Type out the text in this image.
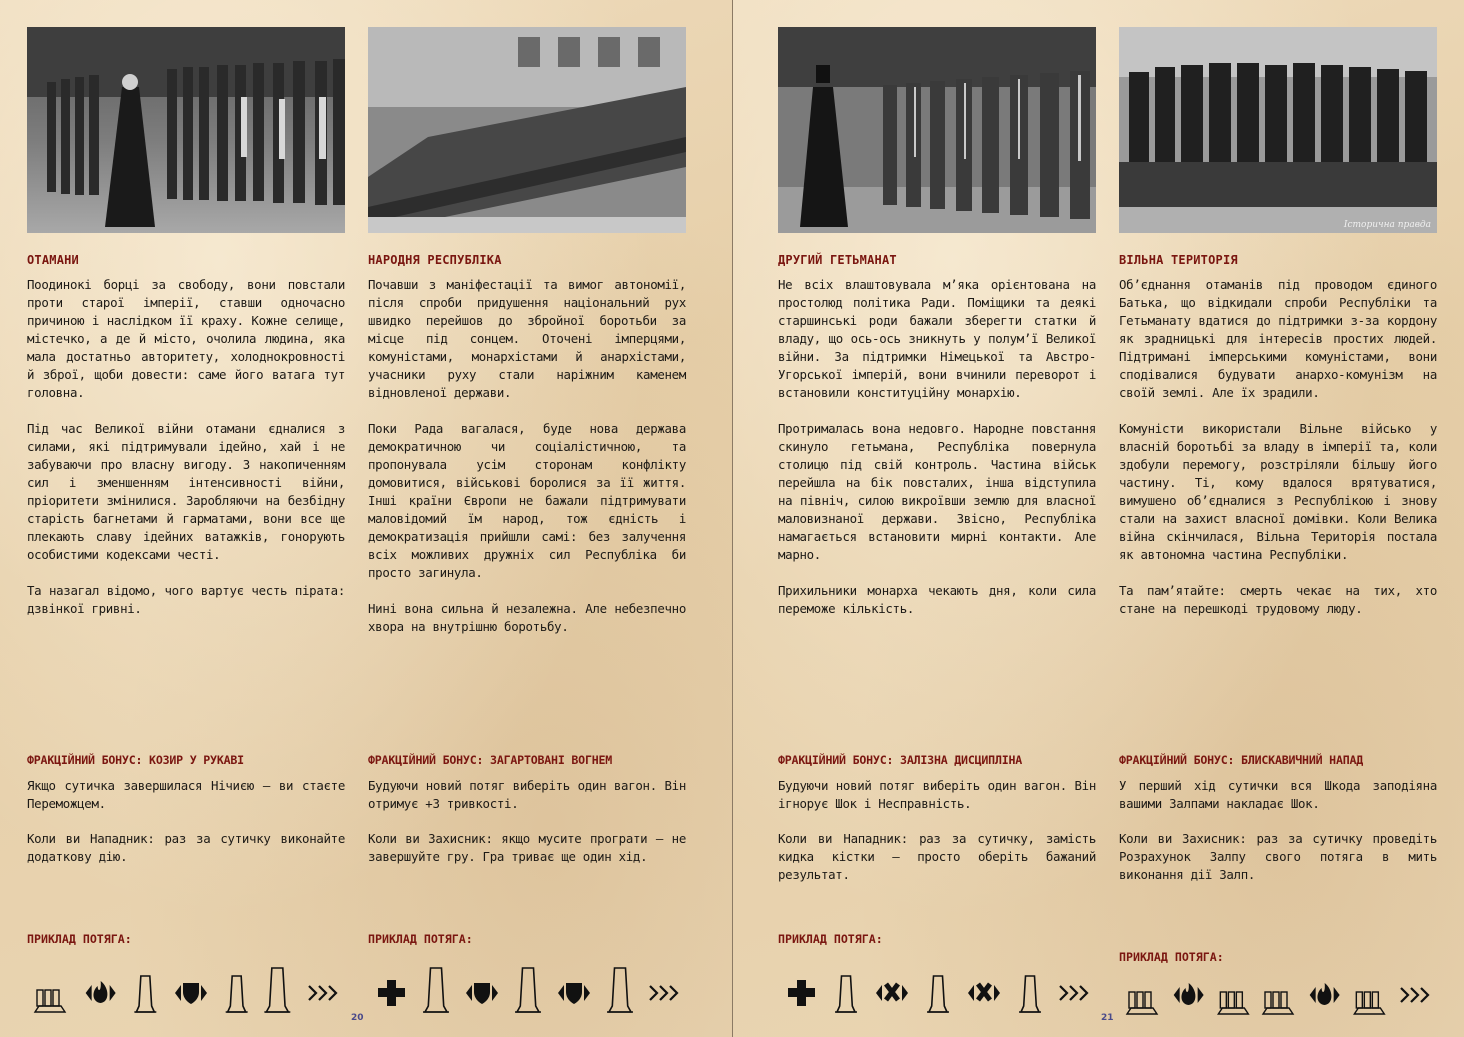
ОТАМАНИ

Поодинокі борці за свободу, вони повстали проти старої імперії, ставши одночасно причиною і наслідком її краху. Кожне селище, містечко, а де й місто, очолила людина, яка мала достатньо авторитету, холоднокровності й зброї, щоби довести: саме його ватага тут головна.

Під час Великої війни отамани єдналися з силами, які підтримували ідейно, хай і не забуваючи про власну вигоду. З накопиченням сил і зменшенням інтенсивності війни, пріоритети змінилися. Заробляючи на безбідну старість багнетами й гарматами, вони все ще плекають славу ідейних ватажків, гонорують особистими кодексами честі.

Та назагал відомо, чого вартує честь пірата: дзвінкої гривні.

ФРАКЦІЙНИЙ БОНУС: КОЗИР У РУКАВІ

Якщо сутичка завершилася Нічиєю – ви стаєте Переможцем.

Коли ви Нападник: раз за сутичку виконайте додаткову дію.

ПРИКЛАД ПОТЯГА:
НАРОДНЯ РЕСПУБЛІКА

Почавши з маніфестації та вимог автономії, після спроби придушення національний рух швидко перейшов до збройної боротьби за місце під сонцем. Оточені імперцями, комуністами, монархістами й анархістами, учасники руху стали наріжним каменем відновленої держави.

Поки Рада вагалася, буде нова держава демократичною чи соціалістичною, та пропонувала усім сторонам конфлікту домовитися, військові боролися за її життя. Інші країни Європи не бажали підтримувати маловідомий їм народ, тож єдність і демократизація прийшли самі: без залучення всіх можливих дружніх сил Республіка би просто загинула.

Нині вона сильна й незалежна. Але небезпечно хвора на внутрішню боротьбу.

ФРАКЦІЙНИЙ БОНУС: ЗАГАРТОВАНІ ВОГНЕМ

Будуючи новий потяг виберіть один вагон. Він отримує +3 тривкості.

Коли ви Захисник: якщо мусите програти – не завершуйте гру. Гра триває ще один хід.

ПРИКЛАД ПОТЯГА:
20
ДРУГИЙ ГЕТЬМАНАТ

Не всіх влаштовувала м’яка орієнтована на простолюд політика Ради. Поміщики та деякі старшинські роди бажали зберегти статки й владу, що ось-ось зникнуть у полум’ї Великої війни. За підтримки Німецької та Австро-Угорської імперій, вони вчинили переворот і встановили конституційну монархію.

Протрималась вона недовго. Народне повстання скинуло гетьмана, Республіка повернула столицю під свій контроль. Частина військ перейшла на бік повсталих, інша відступила на північ, силою викроївши землю для власної маловизнаної держави. Звісно, Республіка намагається встановити мирні контакти. Але марно.

Прихильники монарха чекають дня, коли сила переможе кількість.

ФРАКЦІЙНИЙ БОНУС: ЗАЛІЗНА ДИСЦИПЛІНА

Будуючи новий потяг виберіть один вагон. Він ігнорує Шок і Несправність.

Коли ви Нападник: раз за сутичку, замість кидка кістки – просто оберіть бажаний результат.

ПРИКЛАД ПОТЯГА:
Історична правда
ВІЛЬНА ТЕРИТОРІЯ

Об’єднання отаманів під проводом єдиного Батька, що відкидали спроби Республіки та Гетьманату вдатися до підтримки з-за кордону як зрадницькі для інтересів простих людей. Підтримані імперськими комуністами, вони сподівалися будувати анархо-комунізм на своїй землі. Але їх зрадили.

Комуністи використали Вільне військо у власній боротьбі за владу в імперії та, коли здобули перемогу, розстріляли більшу його частину. Ті, кому вдалося врятуватися, вимушено об’єдналися з Республікою і знову стали на захист власної домівки. Коли Велика війна скінчилася, Вільна Територія постала як автономна частина Республіки.

Та пам’ятайте: смерть чекає на тих, хто стане на перешкоді трудовому люду.

ФРАКЦІЙНИЙ БОНУС: БЛИСКАВИЧНИЙ НАПАД

У перший хід сутички вся Шкода заподіяна вашими Залпами накладає Шок.

Коли ви Захисник: раз за сутичку проведіть Розрахунок Залпу свого потяга в мить виконання дії Залп.

ПРИКЛАД ПОТЯГА:
21
